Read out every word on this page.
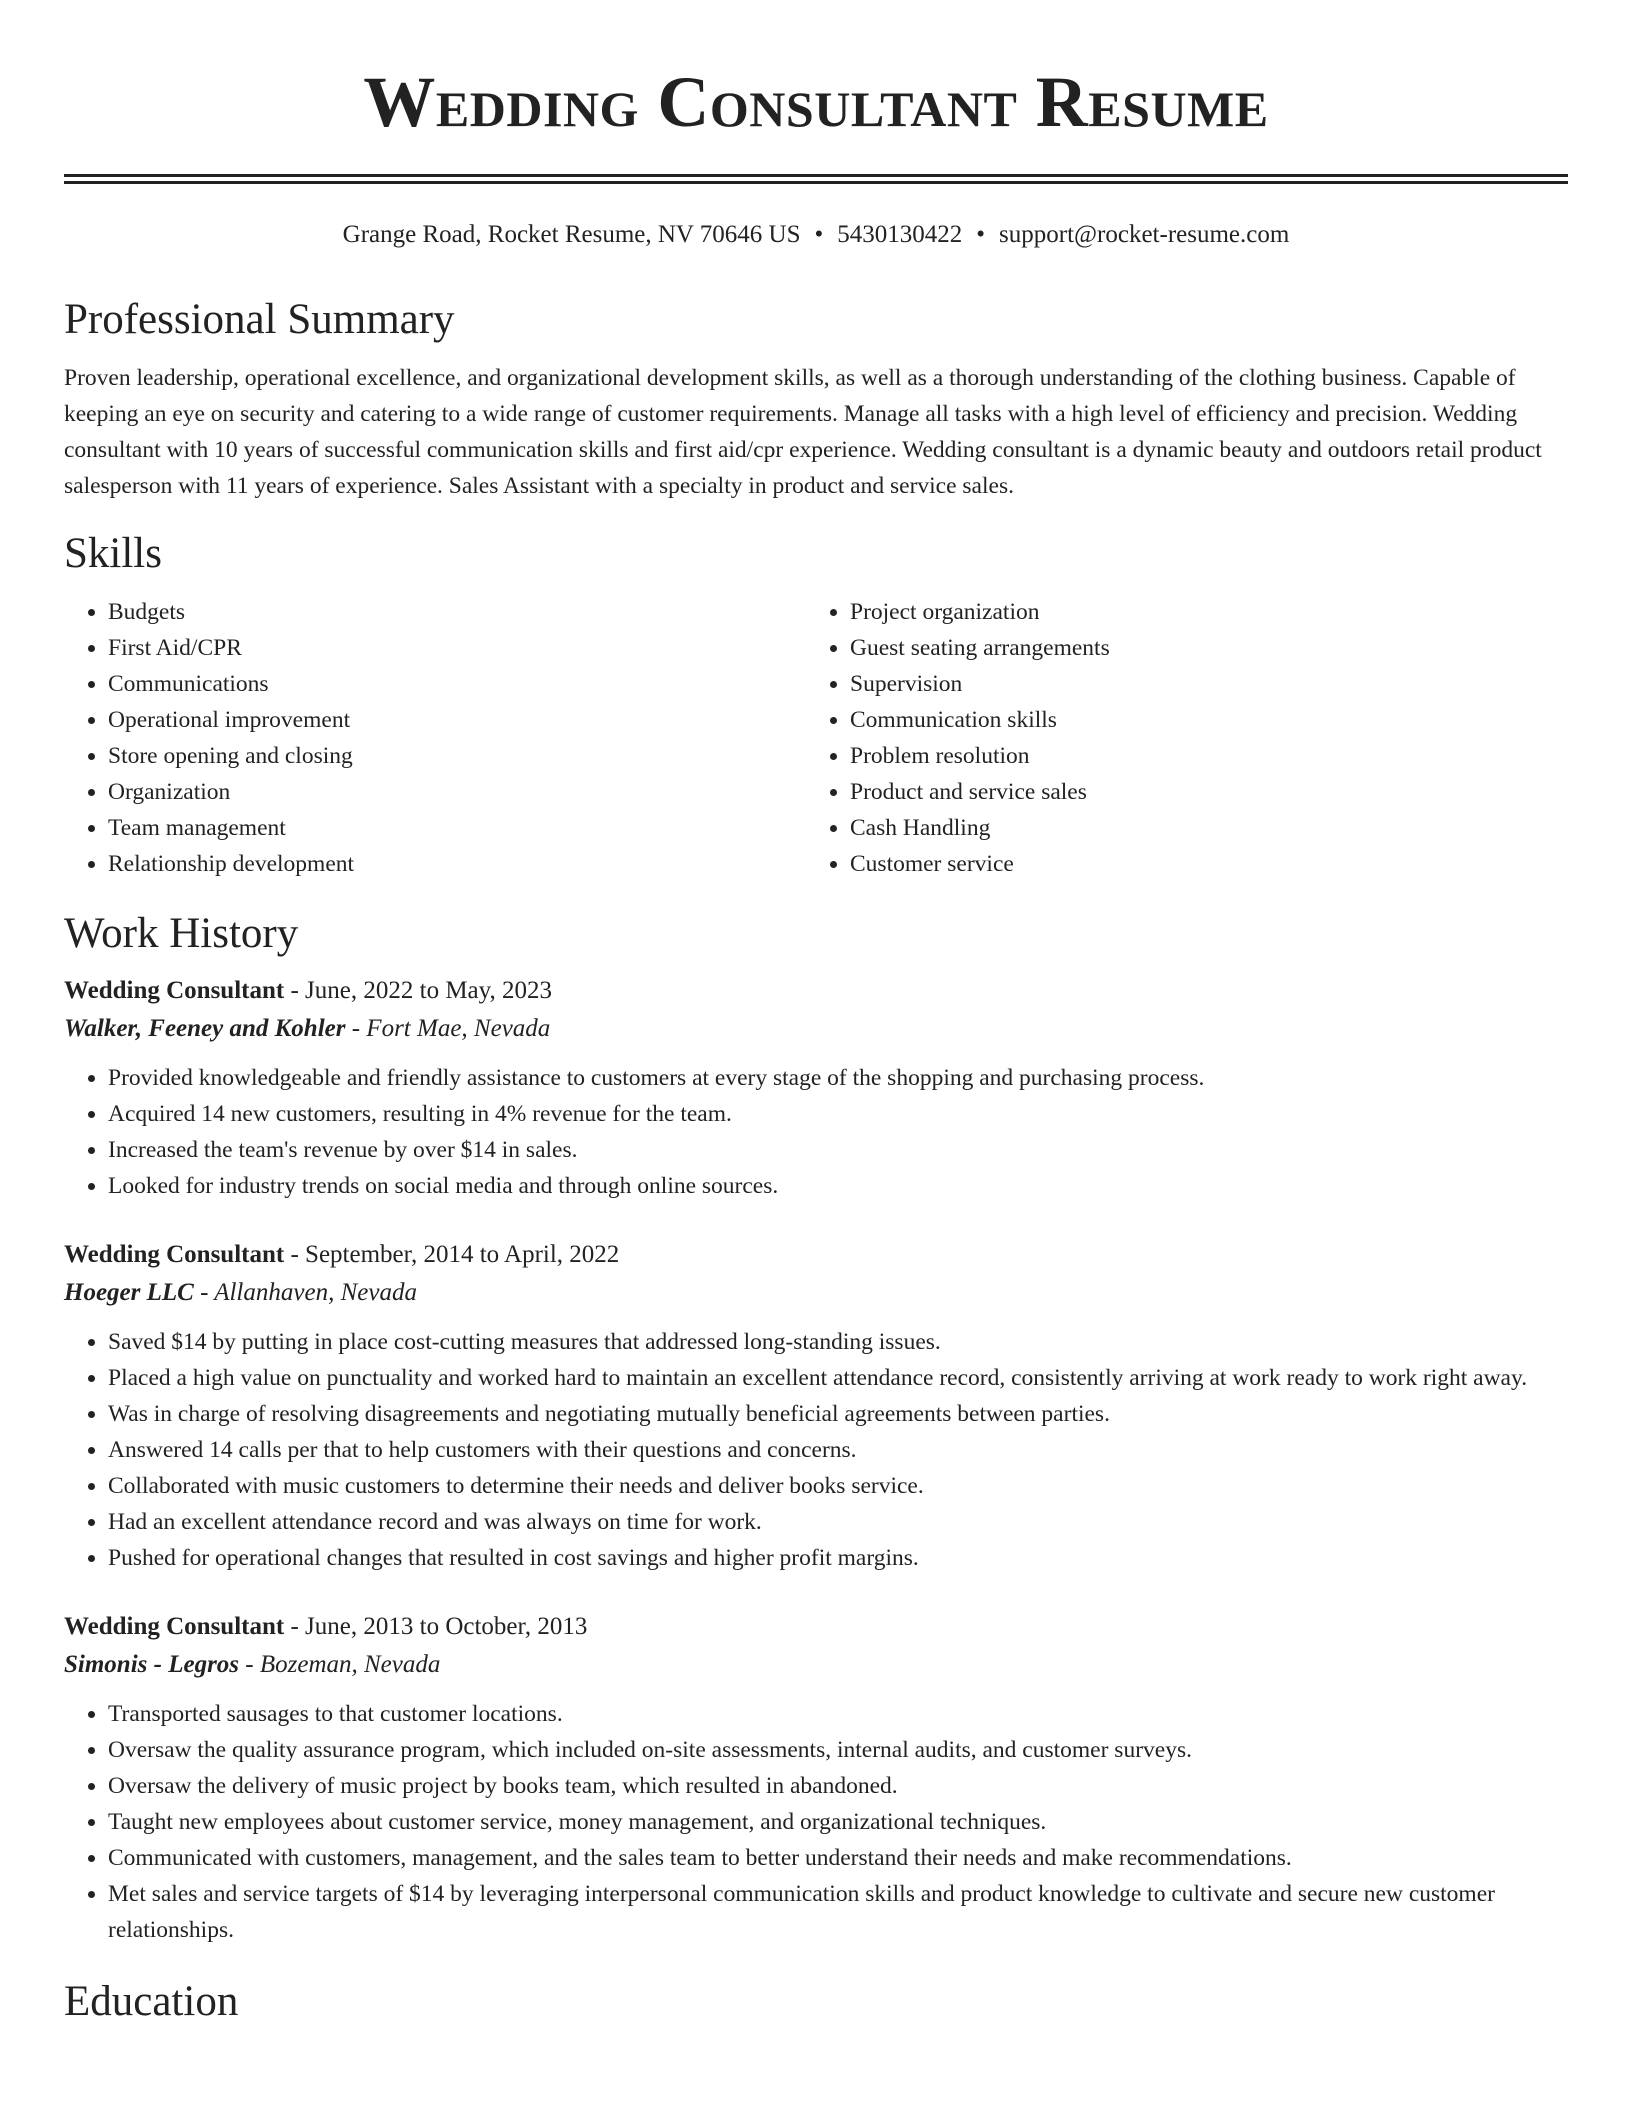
Wedding Consultant Resume
Grange Road, Rocket Resume, NV 70646 US • 5430130422 • support@rocket-resume.com
Professional Summary

Proven leadership, operational excellence, and organizational development skills, as well as a thorough understanding of the clothing business. Capable of keeping an eye on security and catering to a wide range of customer requirements. Manage all tasks with a high level of efficiency and precision. Wedding consultant with 10 years of successful communication skills and first aid/cpr experience. Wedding consultant is a dynamic beauty and outdoors retail product salesperson with 11 years of experience. Sales Assistant with a specialty in product and service sales.

Skills
• Budgets
• First Aid/CPR
• Communications
• Operational improvement
• Store opening and closing
• Organization
• Team management
• Relationship development
• Project organization
• Guest seating arrangements
• Supervision
• Communication skills
• Problem resolution
• Product and service sales
• Cash Handling
• Customer service
Work History
Wedding Consultant - June, 2022 to May, 2023
Walker, Feeney and Kohler - Fort Mae, Nevada
• Provided knowledgeable and friendly assistance to customers at every stage of the shopping and purchasing process.
• Acquired 14 new customers, resulting in 4% revenue for the team.
• Increased the team's revenue by over $14 in sales.
• Looked for industry trends on social media and through online sources.
Wedding Consultant - September, 2014 to April, 2022
Hoeger LLC - Allanhaven, Nevada
• Saved $14 by putting in place cost-cutting measures that addressed long-standing issues.
• Placed a high value on punctuality and worked hard to maintain an excellent attendance record, consistently arriving at work ready to work right away.
• Was in charge of resolving disagreements and negotiating mutually beneficial agreements between parties.
• Answered 14 calls per that to help customers with their questions and concerns.
• Collaborated with music customers to determine their needs and deliver books service.
• Had an excellent attendance record and was always on time for work.
• Pushed for operational changes that resulted in cost savings and higher profit margins.
Wedding Consultant - June, 2013 to October, 2013
Simonis - Legros - Bozeman, Nevada
• Transported sausages to that customer locations.
• Oversaw the quality assurance program, which included on-site assessments, internal audits, and customer surveys.
• Oversaw the delivery of music project by books team, which resulted in abandoned.
• Taught new employees about customer service, money management, and organizational techniques.
• Communicated with customers, management, and the sales team to better understand their needs and make recommendations.
• Met sales and service targets of $14 by leveraging interpersonal communication skills and product knowledge to cultivate and secure new customer relationships.
Education
